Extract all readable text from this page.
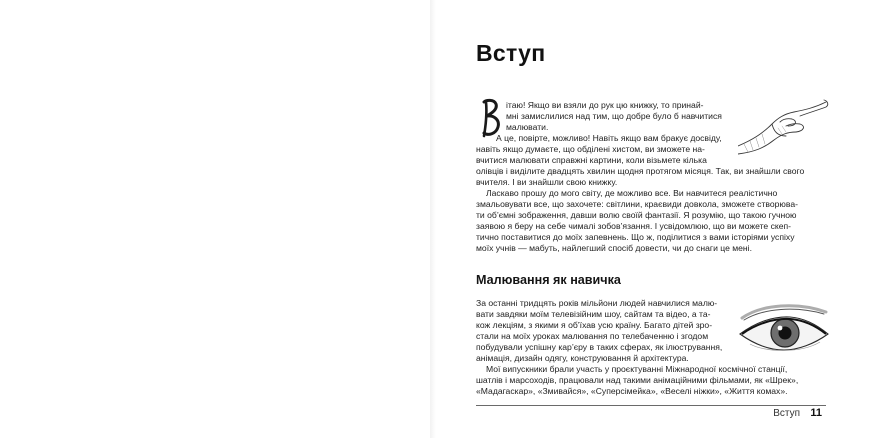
Вступ

ітаю! Якщо ви взяли до рук цю книжку, то принай-
мні замислилися над тим, що добре було б навчитися
малювати.

А це, повірте, можливо! Навіть якщо вам бракує досвіду,
навіть якщо думаєте, що обділені хистом, ви зможете на-
вчитися малювати справжні картини, коли візьмете кілька
олівців і виділите двадцять хвилин щодня протягом місяця. Так, ви знайшли свого
вчителя. І ви знайшли свою книжку.

Ласкаво прошу до мого світу, де можливо все. Ви навчитеся реалістично
змальовувати все, що захочете: світлини, краєвиди довкола, зможете створюва-
ти об’ємні зображення, давши волю своїй фантазії. Я розумію, що такою гучною
заявою я беру на себе чималі зобов’язання. І усвідомлюю, що ви можете скеп-
тично поставитися до моїх запевнень. Що ж, поділитися з вами історіями успіху
моїх учнів — мабуть, найлегший спосіб довести, чи до снаги це мені.

Малювання як навичка

За останні тридцять років мільйони людей навчилися малю-
вати завдяки моїм телевізійним шоу, сайтам та відео, а та-
кож лекціям, з якими я об’їхав усю країну. Багато дітей зро-
стали на моїх уроках малювання по телебаченню і згодом
побудували успішну кар’єру в таких сферах, як ілюстрування,
анімація, дизайн одягу, конструювання й архітектура.

Мої випускники брали участь у проєктуванні Міжнародної космічної станції,
шатлів і марсоходів, працювали над такими анімаційними фільмами, як «Шрек»,
«Мадагаскар», «Змивайся», «Суперсімейка», «Веселі ніжки», «Життя комах».

Вступ 11
